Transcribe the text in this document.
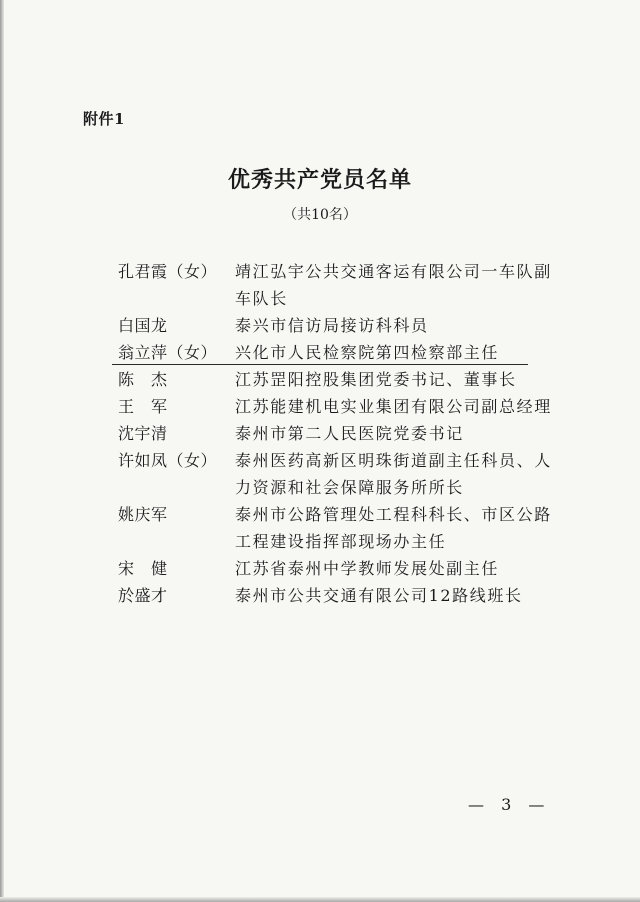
附件1
优秀共产党员名单
（共10名）
孔君霞（女）	靖江弘宇公共交通客运有限公司一车队副
车队长
白国龙	泰兴市信访局接访科科员
翁立萍（女）	兴化市人民检察院第四检察部主任
陈　杰	江苏罡阳控股集团党委书记、董事长
王　军	江苏能建机电实业集团有限公司副总经理
沈宇清	泰州市第二人民医院党委书记
许如凤（女）	泰州医药高新区明珠街道副主任科员、人
力资源和社会保障服务所所长
姚庆军	泰州市公路管理处工程科科长、市区公路
工程建设指挥部现场办主任
宋　健	江苏省泰州中学教师发展处副主任
於盛才	泰州市公共交通有限公司12路线班长
— 3 —
